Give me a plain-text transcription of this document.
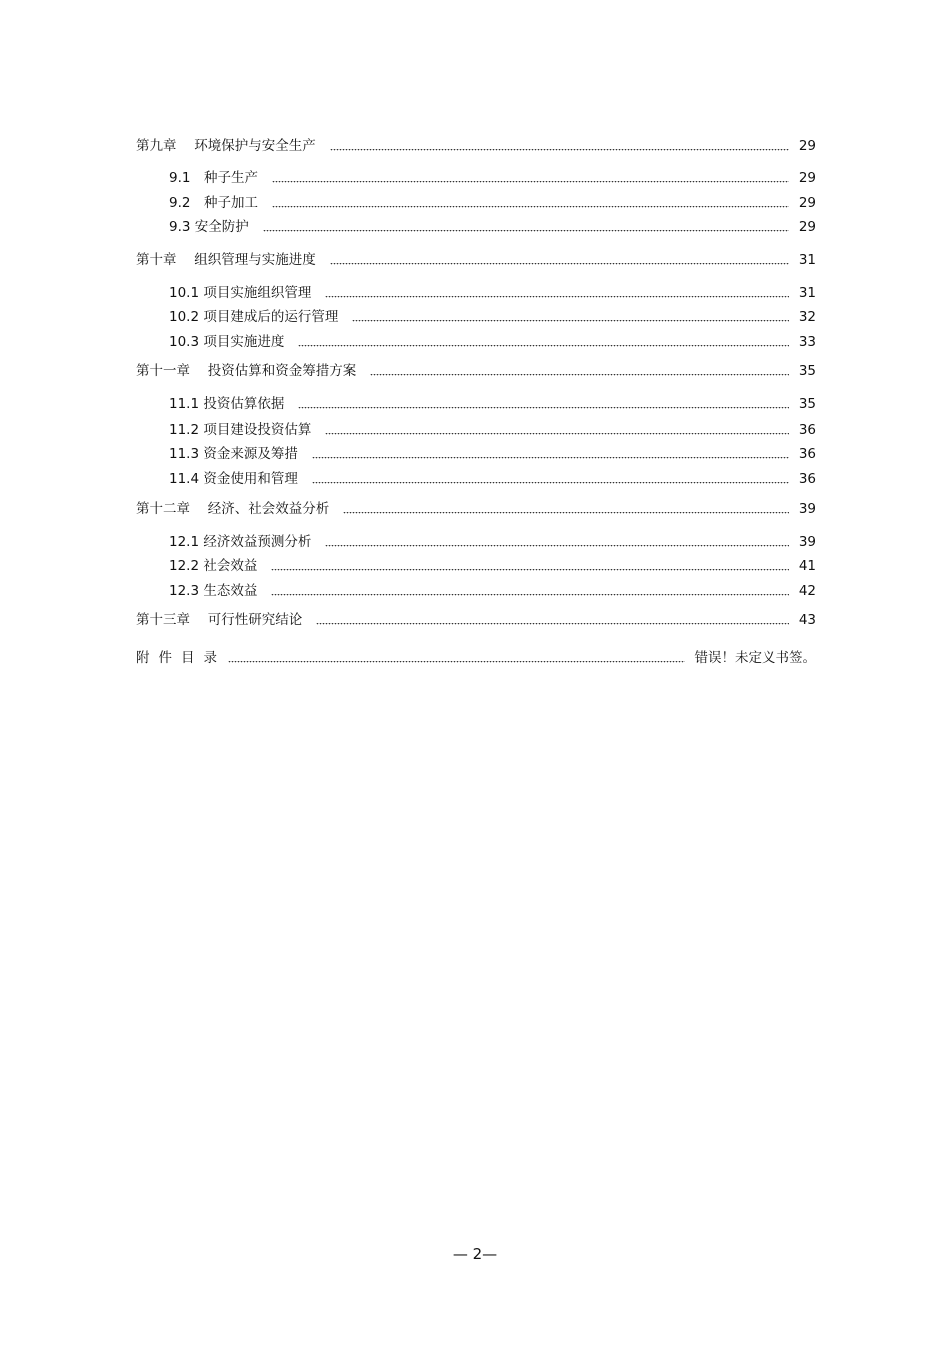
第九章　 环境保护与安全生产	29
9.1　种子生产	29
9.2　种子加工	29
9.3 安全防护	29
第十章　 组织管理与实施进度	31
10.1 项目实施组织管理	31
10.2 项目建成后的运行管理	32
10.3 项目实施进度	33
第十一章　 投资估算和资金筹措方案	35
11.1 投资估算依据	35
11.2 项目建设投资估算	36
11.3 资金来源及筹措	36
11.4 资金使用和管理	36
第十二章　 经济、社会效益分析	39
12.1 经济效益预测分析	39
12.2 社会效益	41
12.3 生态效益	42
第十三章　 可行性研究结论	43
附件目录	错误！未定义书签。
— 2—
